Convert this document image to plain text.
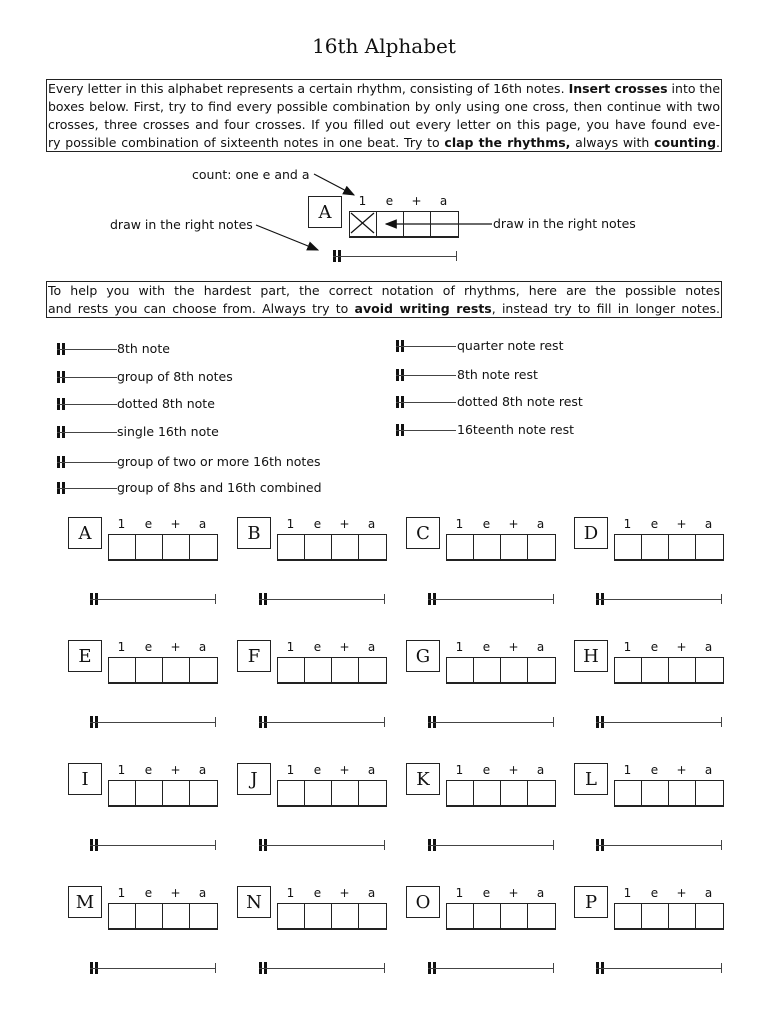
16th Alphabet
Every letter in this alphabet represents a certain rhythm, consisting of 16th notes. Insert crosses into the
boxes below. First, try to find every possible combination by only using one cross, then continue with two
crosses, three crosses and four crosses. If you filled out every letter on this page, you have found eve-
ry possible combination of sixteenth notes in one beat. Try to clap the rhythms, always with counting.
count: one e and a
draw in the right notes	draw in the right notes
A
1	e	+	a
To help you with the hardest part, the correct notation of rhythms, here are the possible notes
and rests you can choose from. Always try to avoid writing rests, instead try to fill in longer notes.
8th note
group of 8th notes
dotted 8th note
single 16th note
group of two or more 16th notes
group of 8hs and 16th combined
quarter note rest
8th note rest
dotted 8th note rest
16teenth note rest
A	1	e	+	a	B	1	e	+	a	C	1	e	+	a	D	1	e	+	a
E	1	e	+	a	F	1	e	+	a	G	1	e	+	a	H	1	e	+	a
I	1	e	+	a	J	1	e	+	a	K	1	e	+	a	L	1	e	+	a
M	1	e	+	a	N	1	e	+	a	O	1	e	+	a	P	1	e	+	a
